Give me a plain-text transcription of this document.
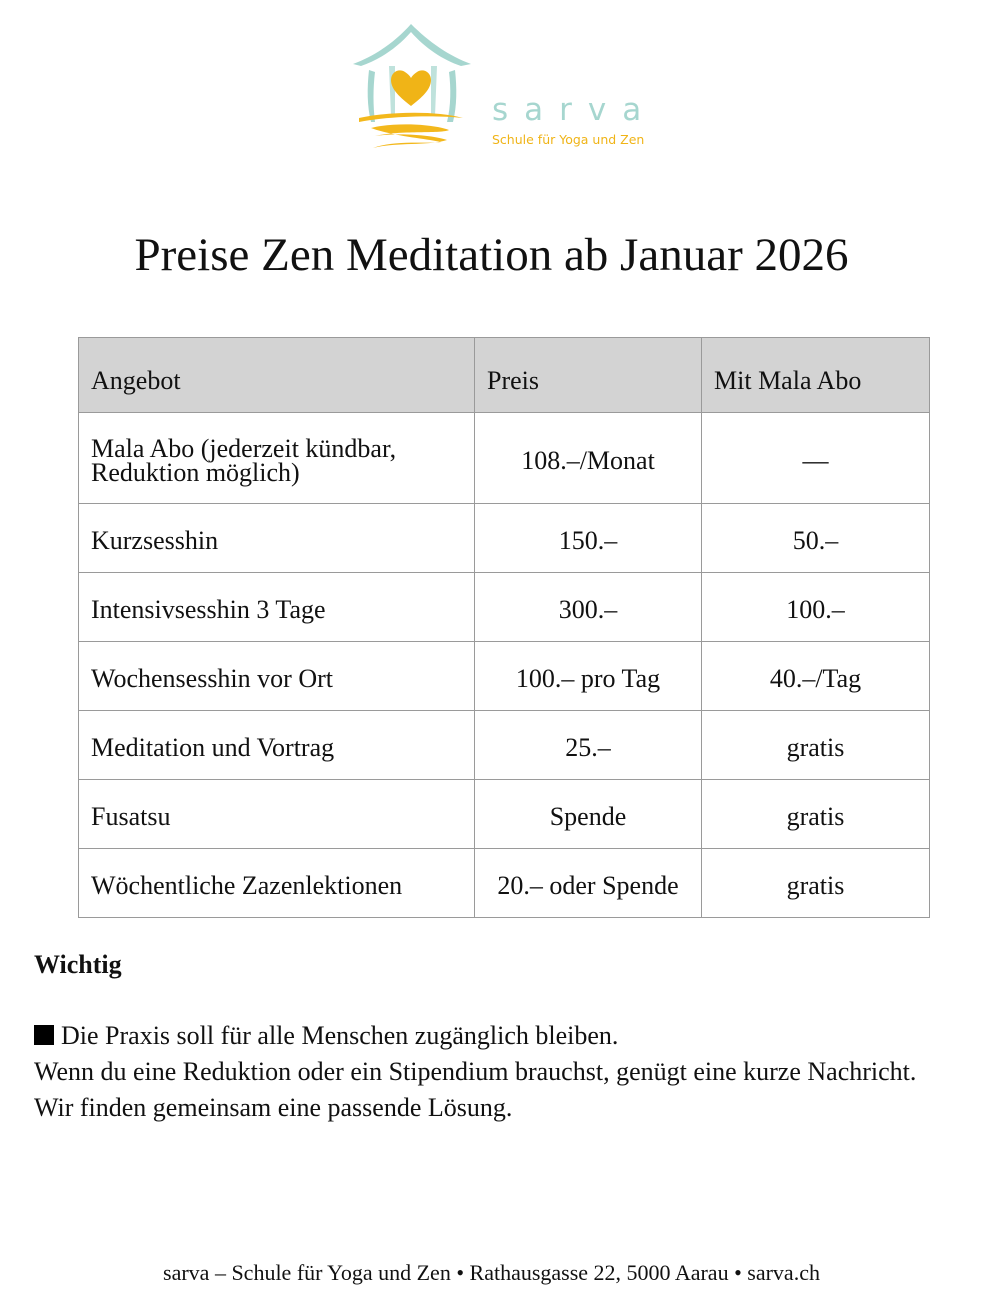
sarva
Schule für Yoga und Zen
Preise Zen Meditation ab Januar 2026
Angebot	Preis	Mit Mala Abo

Mala Abo (jederzeit kündbar,
Reduktion möglich)	108.–/Monat	—
Kurzsesshin	150.–	50.–
Intensivsesshin 3 Tage	300.–	100.–
Wochensesshin vor Ort	100.– pro Tag	40.–/Tag
Meditation und Vortrag	25.–	gratis
Fusatsu	Spende	gratis
Wöchentliche Zazenlektionen	20.– oder Spende	gratis
Wichtig

Die Praxis soll für alle Menschen zugänglich bleiben.

Wenn du eine Reduktion oder ein Stipendium brauchst, genügt eine kurze Nachricht.

Wir finden gemeinsam eine passende Lösung.

sarva – Schule für Yoga und Zen • Rathausgasse 22, 5000 Aarau • sarva.ch
